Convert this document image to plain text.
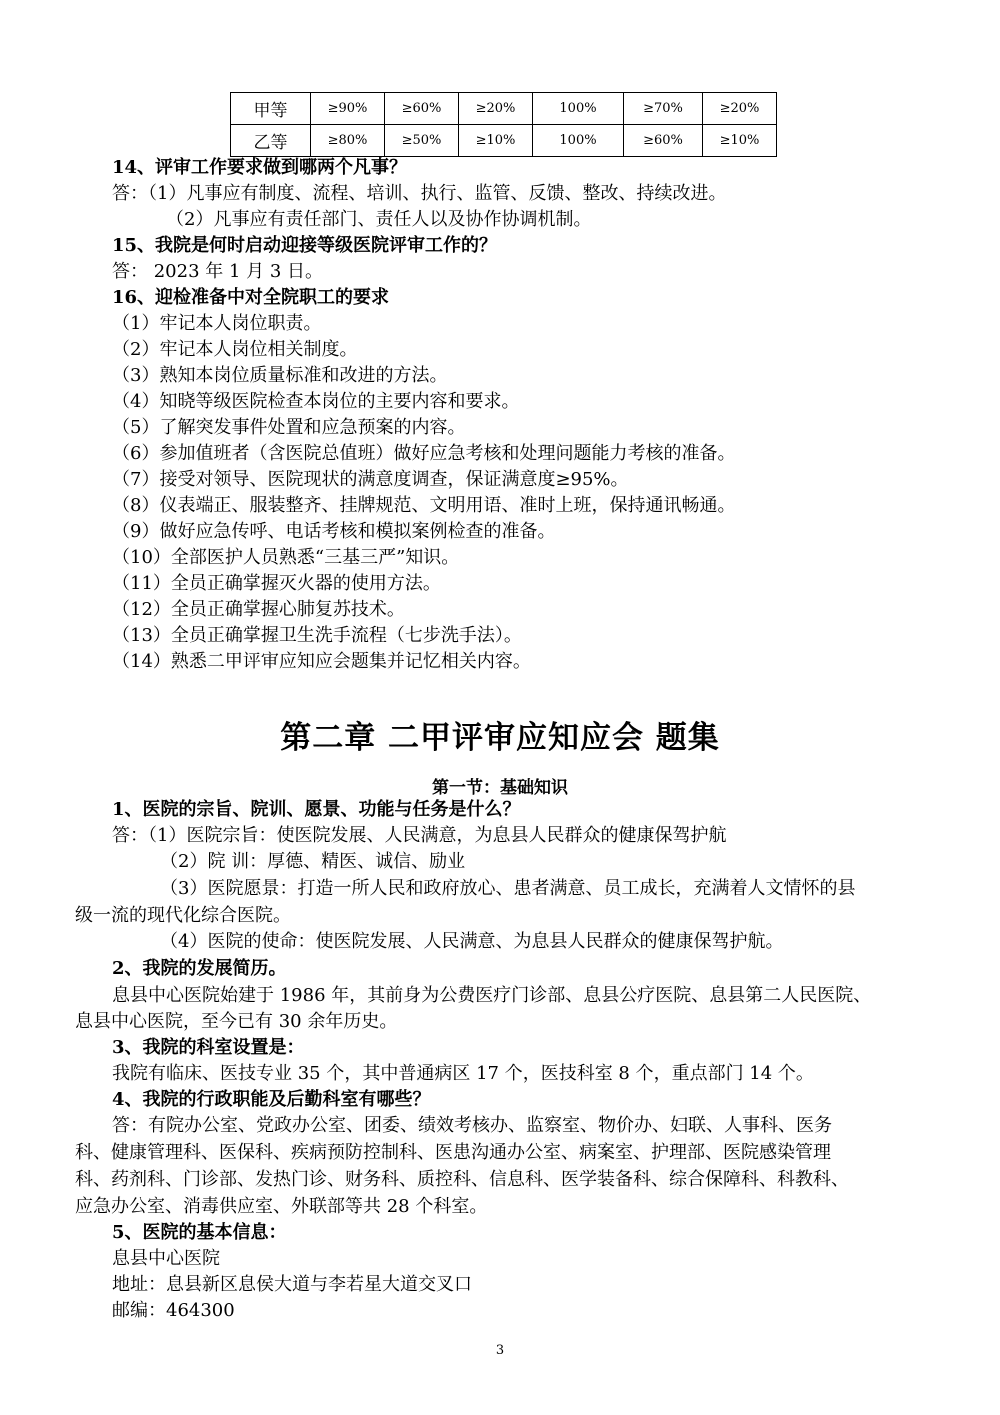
甲等	≥90%	≥60%	≥20%	100%	≥70%	≥20%
乙等	≥80%	≥50%	≥10%	100%	≥60%	≥10%
14、评审工作要求做到哪两个凡事？
答：（1）凡事应有制度、流程、培训、执行、监管、反馈、整改、持续改进。
（2）凡事应有责任部门、责任人以及协作协调机制。
15、我院是何时启动迎接等级医院评审工作的？
答： 2023 年 1 月 3 日。
16、迎检准备中对全院职工的要求
（1）牢记本人岗位职责。
（2）牢记本人岗位相关制度。
（3）熟知本岗位质量标准和改进的方法。
（4）知晓等级医院检查本岗位的主要内容和要求。
（5）了解突发事件处置和应急预案的内容。
（6）参加值班者（含医院总值班）做好应急考核和处理问题能力考核的准备。
（7）接受对领导、医院现状的满意度调查，保证满意度≥95%。
（8）仪表端正、服装整齐、挂牌规范、文明用语、准时上班，保持通讯畅通。
（9）做好应急传呼、电话考核和模拟案例检查的准备。
（10）全部医护人员熟悉“三基三严”知识。
（11）全员正确掌握灭火器的使用方法。
（12）全员正确掌握心肺复苏技术。
（13）全员正确掌握卫生洗手流程（七步洗手法）。
（14）熟悉二甲评审应知应会题集并记忆相关内容。
第二章 二甲评审应知应会 题集
第一节：基础知识
1、医院的宗旨、院训、愿景、功能与任务是什么？
答：（1）医院宗旨：使医院发展、人民满意，为息县人民群众的健康保驾护航
（2）院 训：厚德、精医、诚信、励业
（3）医院愿景：打造一所人民和政府放心、患者满意、员工成长，充满着人文情怀的县
级一流的现代化综合医院。
（4）医院的使命：使医院发展、人民满意、为息县人民群众的健康保驾护航。
2、我院的发展简历。
息县中心医院始建于 1986 年，其前身为公费医疗门诊部、息县公疗医院、息县第二人民医院、
息县中心医院，至今已有 30 余年历史。
3、我院的科室设置是：
我院有临床、医技专业 35 个，其中普通病区 17 个，医技科室 8 个，重点部门 14 个。
4、我院的行政职能及后勤科室有哪些？
答：有院办公室、党政办公室、团委、绩效考核办、监察室、物价办、妇联、人事科、医务
科、健康管理科、医保科、疾病预防控制科、医患沟通办公室、病案室、护理部、医院感染管理
科、药剂科、门诊部、发热门诊、财务科、质控科、信息科、医学装备科、综合保障科、科教科、
应急办公室、消毒供应室、外联部等共 28 个科室。
5、医院的基本信息：
息县中心医院
地址：息县新区息侯大道与李若星大道交叉口
邮编：464300
3
